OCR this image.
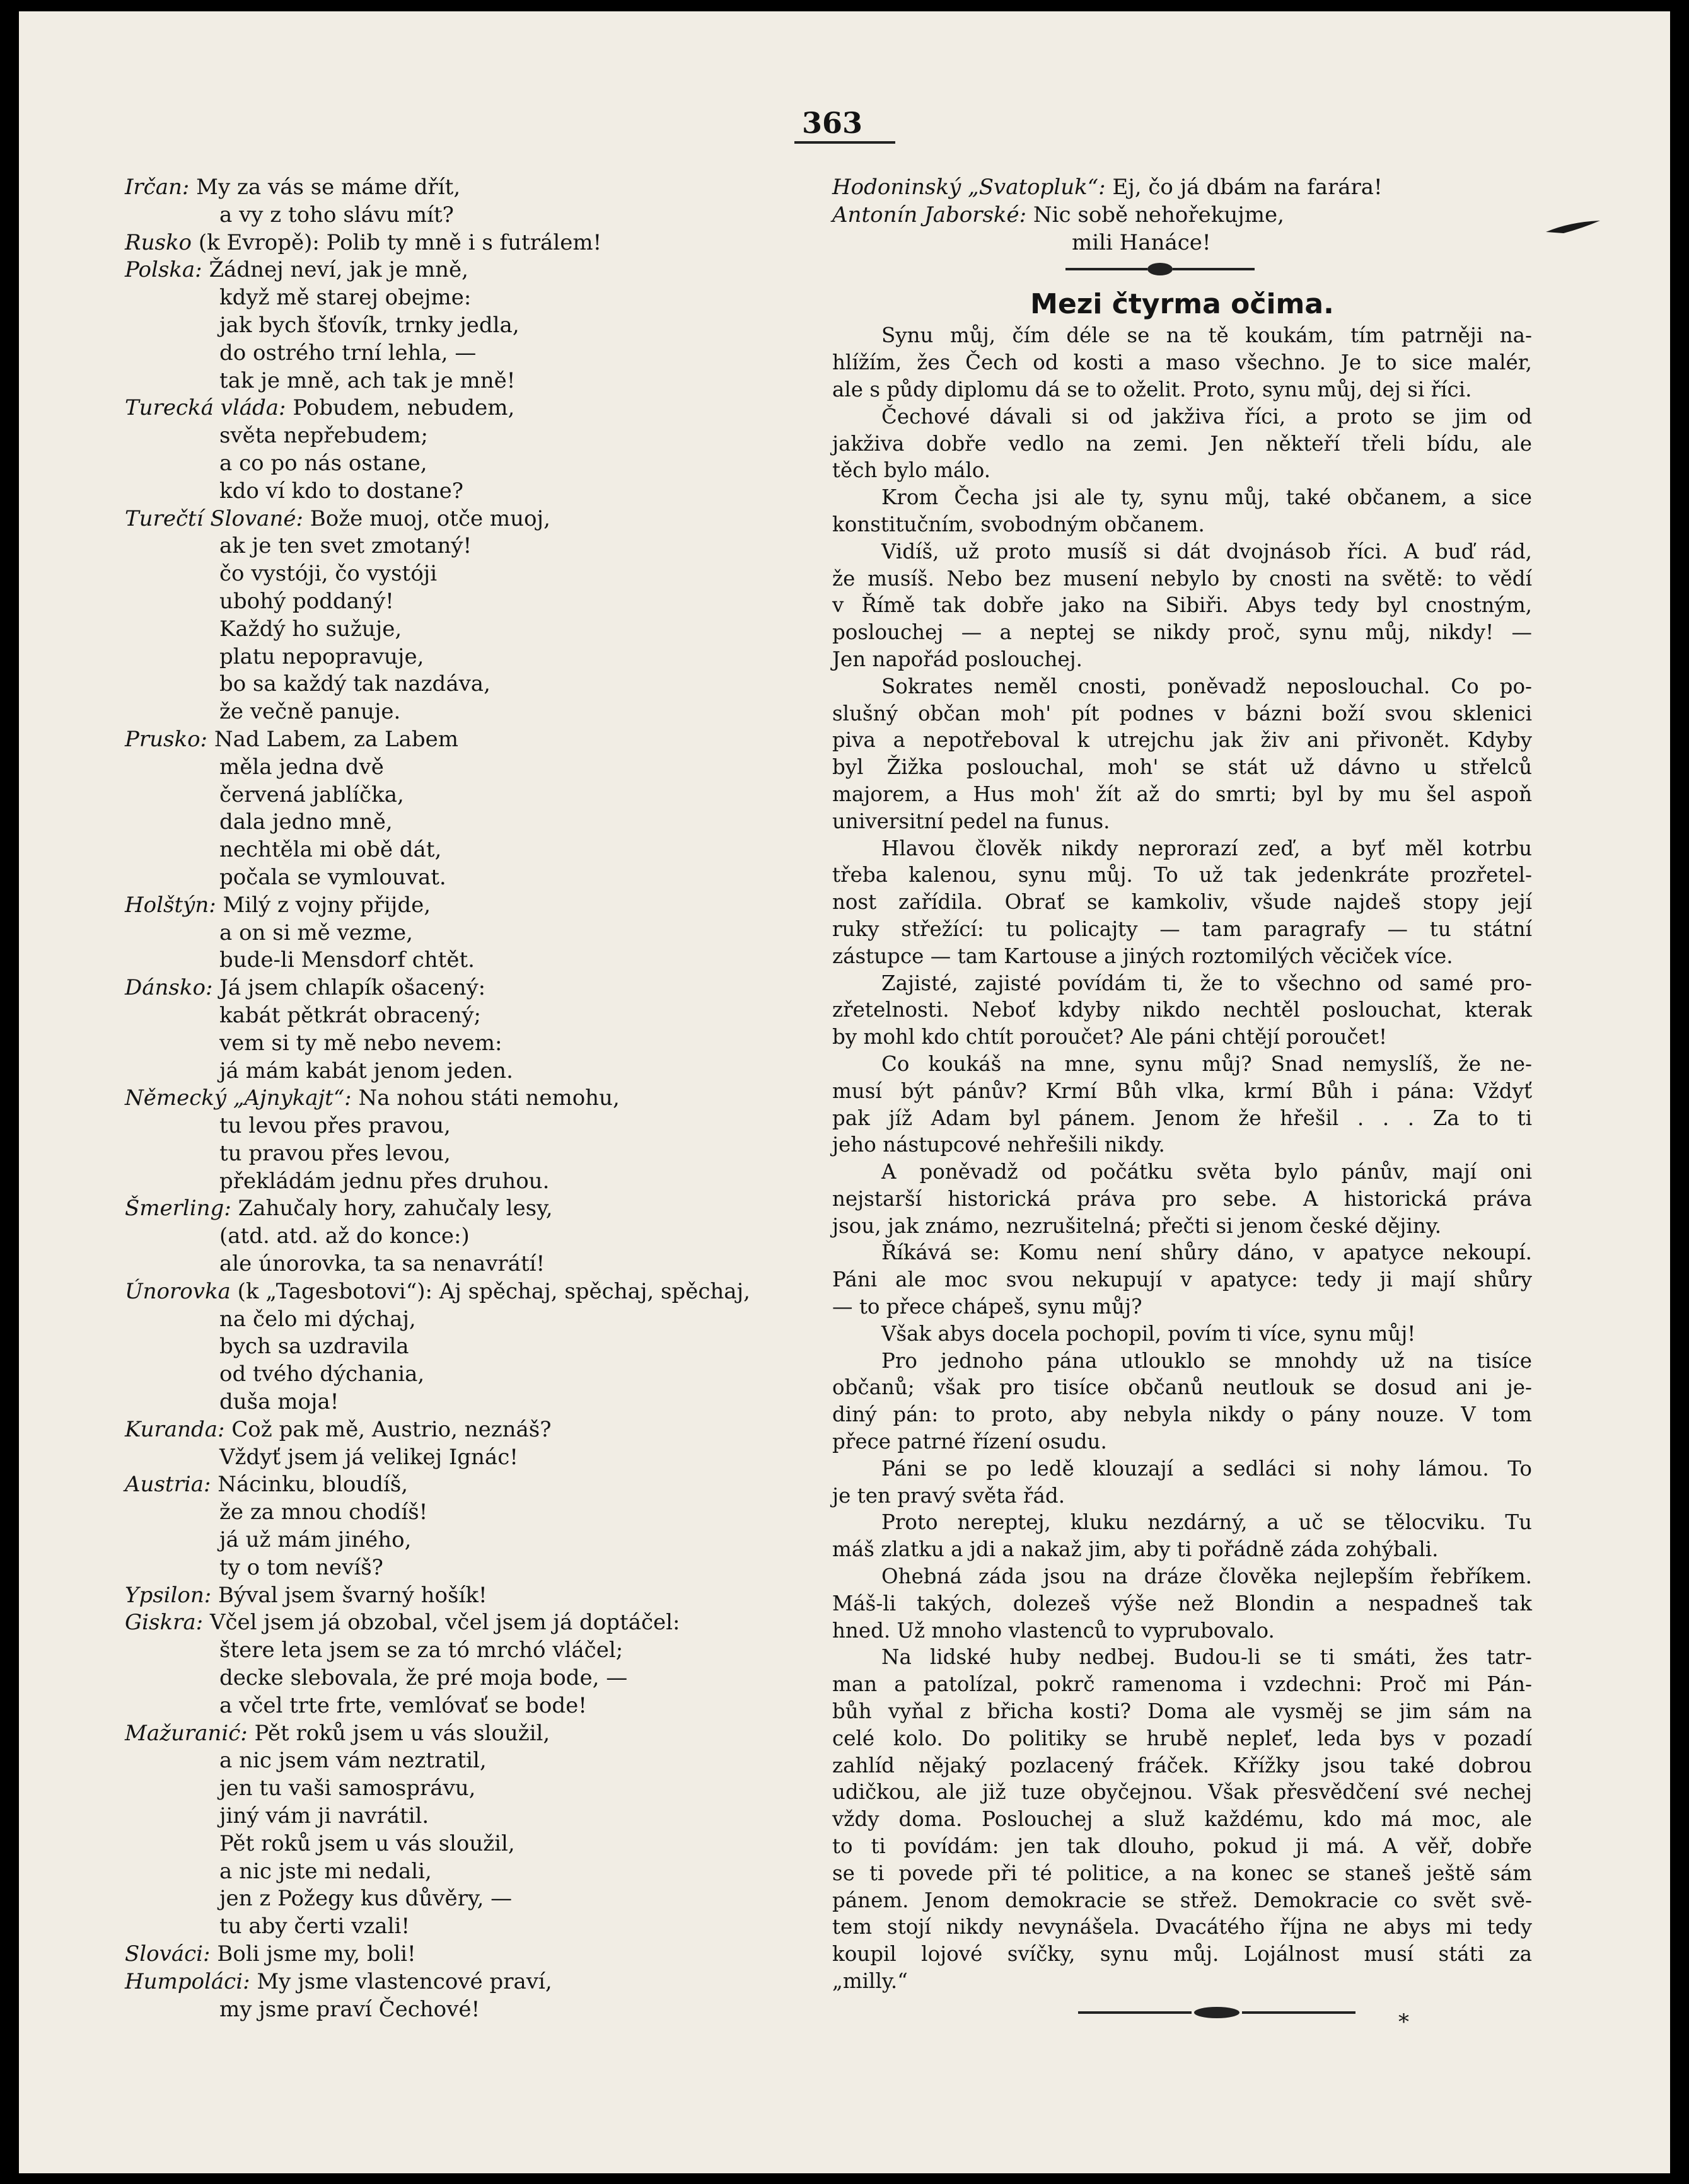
363
Irčan: My za vás se máme dřít,
a vy z toho slávu mít?
Rusko (k Evropě): Polib ty mně i s futrálem!
Polska: Žádnej neví, jak je mně,
když mě starej obejme:
jak bych šťovík, trnky jedla,
do ostrého trní lehla, —
tak je mně, ach tak je mně!
Turecká vláda: Pobudem, nebudem,
světa nepřebudem;
a co po nás ostane,
kdo ví kdo to dostane?
Turečtí Slované: Bože muoj, otče muoj,
ak je ten svet zmotaný!
čo vystóji, čo vystóji
ubohý poddaný!
Každý ho sužuje,
platu nepopravuje,
bo sa každý tak nazdáva,
že večně panuje.
Prusko: Nad Labem, za Labem
měla jedna dvě
červená jablíčka,
dala jedno mně,
nechtěla mi obě dát,
počala se vymlouvat.
Holštýn: Milý z vojny přijde,
a on si mě vezme,
bude-li Mensdorf chtět.
Dánsko: Já jsem chlapík ošacený:
kabát pětkrát obracený;
vem si ty mě nebo nevem:
já mám kabát jenom jeden.
Německý „Ajnykajt“: Na nohou státi nemohu,
tu levou přes pravou,
tu pravou přes levou,
překládám jednu přes druhou.
Šmerling: Zahučaly hory, zahučaly lesy,
(atd. atd. až do konce:)
ale únorovka, ta sa nenavrátí!
Únorovka (k „Tagesbotovi“): Aj spěchaj, spěchaj, spěchaj,
na čelo mi dýchaj,
bych sa uzdravila
od tvého dýchania,
duša moja!
Kuranda: Což pak mě, Austrio, neznáš?
Vždyť jsem já velikej Ignác!
Austria: Nácinku, bloudíš,
že za mnou chodíš!
já už mám jiného,
ty o tom nevíš?
Ypsilon: Býval jsem švarný hošík!
Giskra: Včel jsem já obzobal, včel jsem já doptáčel:
štere leta jsem se za tó mrchó vláčel;
decke slebovala, že pré moja bode, —
a včel trte frte, vemlóvať se bode!
Mažuranić: Pět roků jsem u vás sloužil,
a nic jsem vám neztratil,
jen tu vaši samosprávu,
jiný vám ji navrátil.
Pět roků jsem u vás sloužil,
a nic jste mi nedali,
jen z Požegy kus důvěry, —
tu aby čerti vzali!
Slováci: Boli jsme my, boli!
Humpoláci: My jsme vlastencové praví,
my jsme praví Čechové!
Hodoninský „Svatopluk“: Ej, čo já dbám na farára!
Antonín Jaborské: Nic sobě nehořekujme,
mili Hanáce!
Mezi čtyrma očima.
Synu můj, čím déle se na tě koukám, tím patrněji na-
hlížím, žes Čech od kosti a maso všechno. Je to sice malér,
ale s půdy diplomu dá se to oželit. Proto, synu můj, dej si říci.
Čechové dávali si od jakživa říci, a proto se jim od
jakživa dobře vedlo na zemi. Jen někteří třeli bídu, ale
těch bylo málo.
Krom Čecha jsi ale ty, synu můj, také občanem, a sice
konstitučním, svobodným občanem.
Vidíš, už proto musíš si dát dvojnásob říci. A buď rád,
že musíš. Nebo bez musení nebylo by cnosti na světě: to vědí
v Římě tak dobře jako na Sibiři. Abys tedy byl cnostným,
poslouchej — a neptej se nikdy proč, synu můj, nikdy! —
Jen napořád poslouchej.
Sokrates neměl cnosti, poněvadž neposlouchal. Co po-
slušný občan moh' pít podnes v bázni boží svou sklenici
piva a nepotřeboval k utrejchu jak živ ani přivonět. Kdyby
byl Žižka poslouchal, moh' se stát už dávno u střelců
majorem, a Hus moh' žít až do smrti; byl by mu šel aspoň
universitní pedel na funus.
Hlavou člověk nikdy neprorazí zeď, a byť měl kotrbu
třeba kalenou, synu můj. To už tak jedenkráte prozřetel-
nost zařídila. Obrať se kamkoliv, všude najdeš stopy její
ruky střežící: tu policajty — tam paragrafy — tu státní
zástupce — tam Kartouse a jiných roztomilých věciček více.
Zajisté, zajisté povídám ti, že to všechno od samé pro-
zřetelnosti. Neboť kdyby nikdo nechtěl poslouchat, kterak
by mohl kdo chtít poroučet? Ale páni chtějí poroučet!
Co koukáš na mne, synu můj? Snad nemyslíš, že ne-
musí být pánův? Krmí Bůh vlka, krmí Bůh i pána: Vždyť
pak jíž Adam byl pánem. Jenom že hřešil . . . Za to ti
jeho nástupcové nehřešili nikdy.
A poněvadž od počátku světa bylo pánův, mají oni
nejstarší historická práva pro sebe. A historická práva
jsou, jak známo, nezrušitelná; přečti si jenom české dějiny.
Říkává se: Komu není shůry dáno, v apatyce nekoupí.
Páni ale moc svou nekupují v apatyce: tedy ji mají shůry
— to přece chápeš, synu můj?
Však abys docela pochopil, povím ti více, synu můj!
Pro jednoho pána utlouklo se mnohdy už na tisíce
občanů; však pro tisíce občanů neutlouk se dosud ani je-
diný pán: to proto, aby nebyla nikdy o pány nouze. V tom
přece patrné řízení osudu.
Páni se po ledě klouzají a sedláci si nohy lámou. To
je ten pravý světa řád.
Proto nereptej, kluku nezdárný, a uč se tělocviku. Tu
máš zlatku a jdi a nakaž jim, aby ti pořádně záda zohýbali.
Ohebná záda jsou na dráze člověka nejlepším řebříkem.
Máš-li takých, dolezeš výše než Blondin a nespadneš tak
hned. Už mnoho vlastenců to vyprubovalo.
Na lidské huby nedbej. Budou-li se ti smáti, žes tatr-
man a patolízal, pokrč ramenoma i vzdechni: Proč mi Pán-
bůh vyňal z břicha kosti? Doma ale vysměj se jim sám na
celé kolo. Do politiky se hrubě nepleť, leda bys v pozadí
zahlíd nějaký pozlacený fráček. Křížky jsou také dobrou
udičkou, ale již tuze obyčejnou. Však přesvědčení své nechej
vždy doma. Poslouchej a služ každému, kdo má moc, ale
to ti povídám: jen tak dlouho, pokud ji má. A věř, dobře
se ti povede při té politice, a na konec se staneš ještě sám
pánem. Jenom demokracie se střež. Demokracie co svět svě-
tem stojí nikdy nevynášela. Dvacátého října ne abys mi tedy
koupil lojové svíčky, synu můj. Lojálnost musí státi za
„milly.“
*
